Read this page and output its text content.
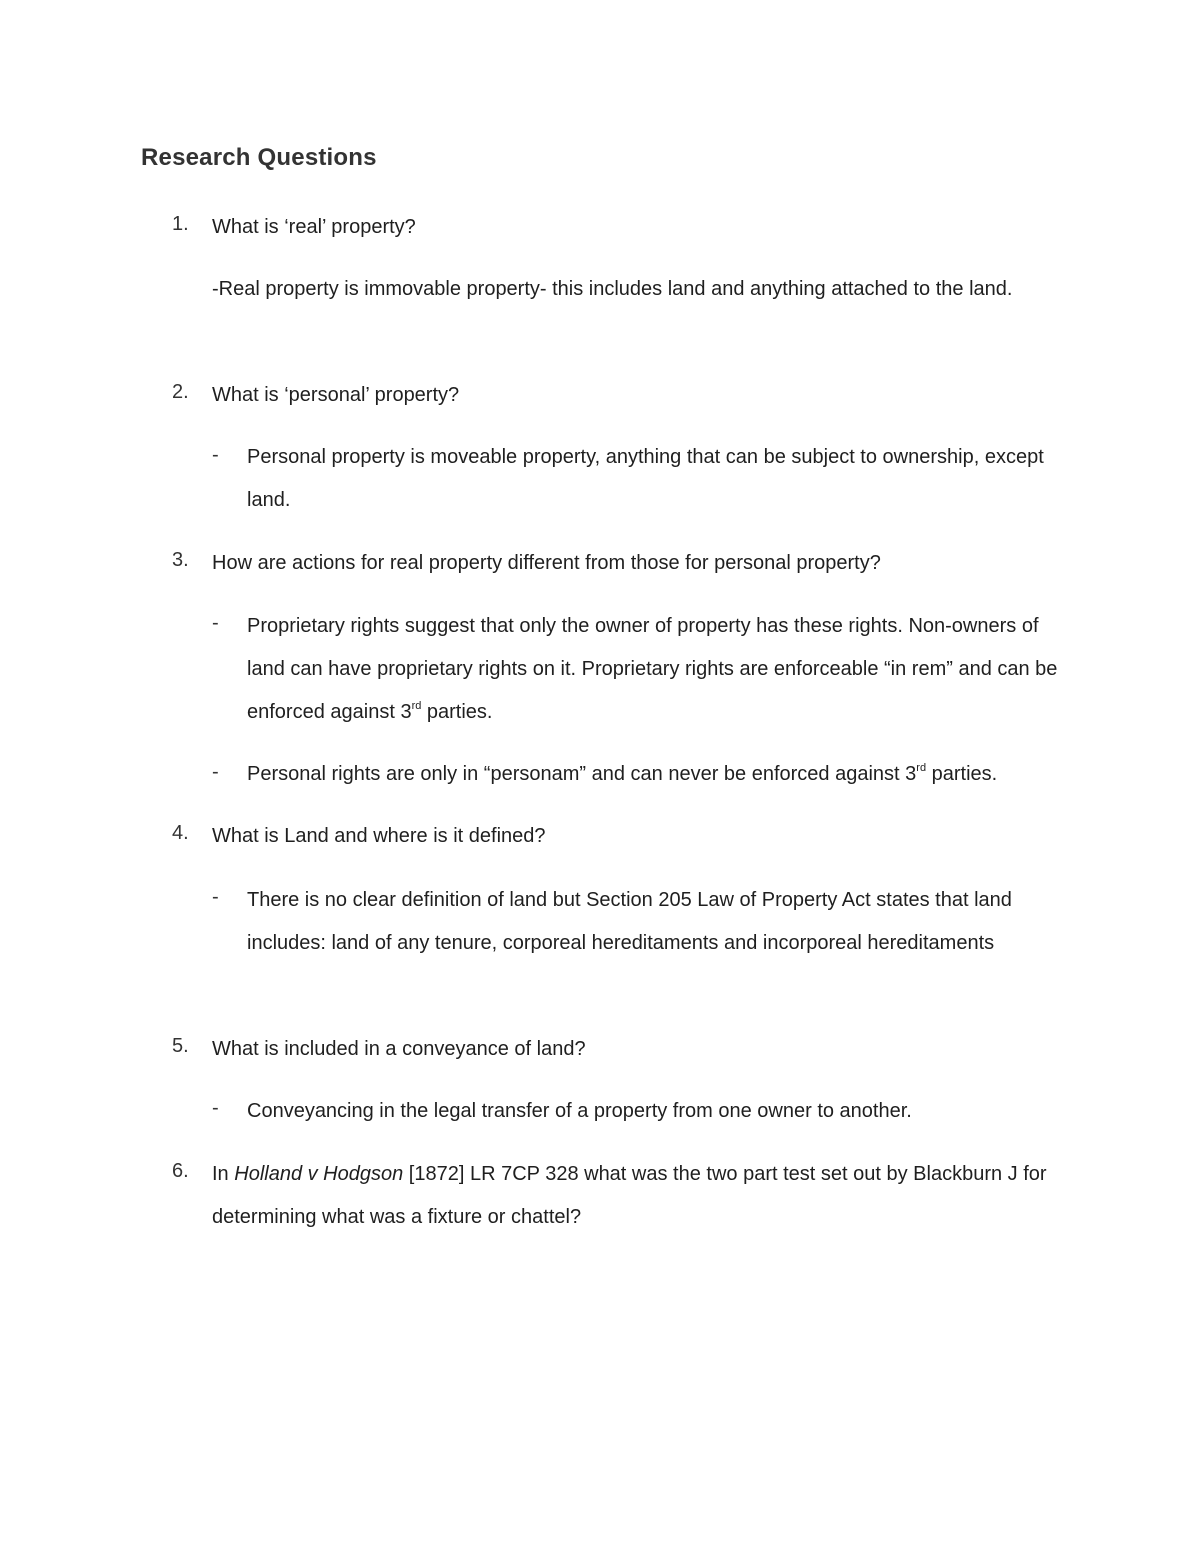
Research Questions
1. What is ‘real’ property?
-Real property is immovable property- this includes land and anything attached to the land.
2. What is ‘personal’ property?
- Personal property is moveable property, anything that can be subject to ownership, except land.
3. How are actions for real property different from those for personal property?
- Proprietary rights suggest that only the owner of property has these rights. Non-owners of land can have proprietary rights on it. Proprietary rights are enforceable “in rem” and can be enforced against 3rd parties.
- Personal rights are only in “personam” and can never be enforced against 3rd parties.
4. What is Land and where is it defined?
- There is no clear definition of land but Section 205 Law of Property Act states that land includes: land of any tenure, corporeal hereditaments and incorporeal hereditaments
5. What is included in a conveyance of land?
- Conveyancing in the legal transfer of a property from one owner to another.
6. In Holland v Hodgson [1872] LR 7CP 328 what was the two part test set out by Blackburn J for determining what was a fixture or chattel?
